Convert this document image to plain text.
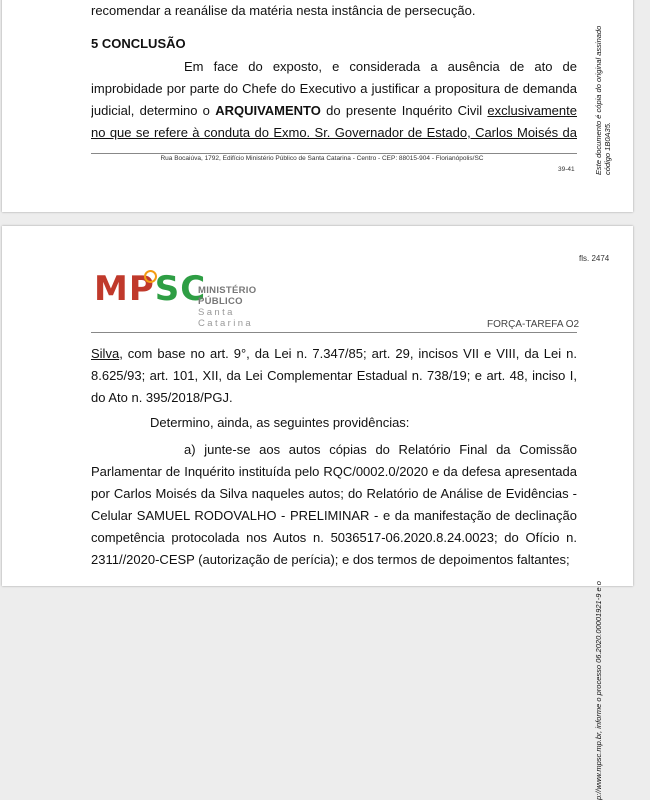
recomendar a reanálise da matéria nesta instância de persecução.
5 CONCLUSÃO
Em face do exposto, e considerada a ausência de ato de
improbidade por parte do Chefe do Executivo a justificar a propositura de demanda
judicial, determino o ARQUIVAMENTO do presente Inquérito Civil exclusivamente
no que se refere à conduta do Exmo. Sr. Governador de Estado, Carlos Moisés da
Rua Bocaiúva, 1792, Edifício Ministério Público de Santa Catarina - Centro - CEP: 88015-904 - Florianópolis/SC
39-41	Este documento é cópia do original assinado código 1B0A35.
fls. 2474
MPSC
MINISTÉRIO PÚBLICO
Santa Catarina	FORÇA-TAREFA O2
Silva, com base no art. 9°, da Lei n. 7.347/85; art. 29, incisos VII e VIII, da Lei n.
8.625/93; art. 101, XII, da Lei Complementar Estadual n. 738/19; e art. 48, inciso I,
do Ato n. 395/2018/PGJ.
Determino, ainda, as seguintes providências:
a) junte-se aos autos cópias do Relatório Final da Comissão
Parlamentar de Inquérito instituída pelo RQC/0002.0/2020 e da defesa apresentada
por Carlos Moisés da Silva naqueles autos; do Relatório de Análise de Evidências -
Celular SAMUEL RODOVALHO - PRELIMINAR - e da manifestação de declinação
competência protocolada nos Autos n. 5036517-06.2020.8.24.0023; do Ofício n.
2311//2020-CESP (autorização de perícia); e dos termos de depoimentos faltantes;
p://www.mpsc.mp.br, informe o processo 06.2020.00001921-9 e o
